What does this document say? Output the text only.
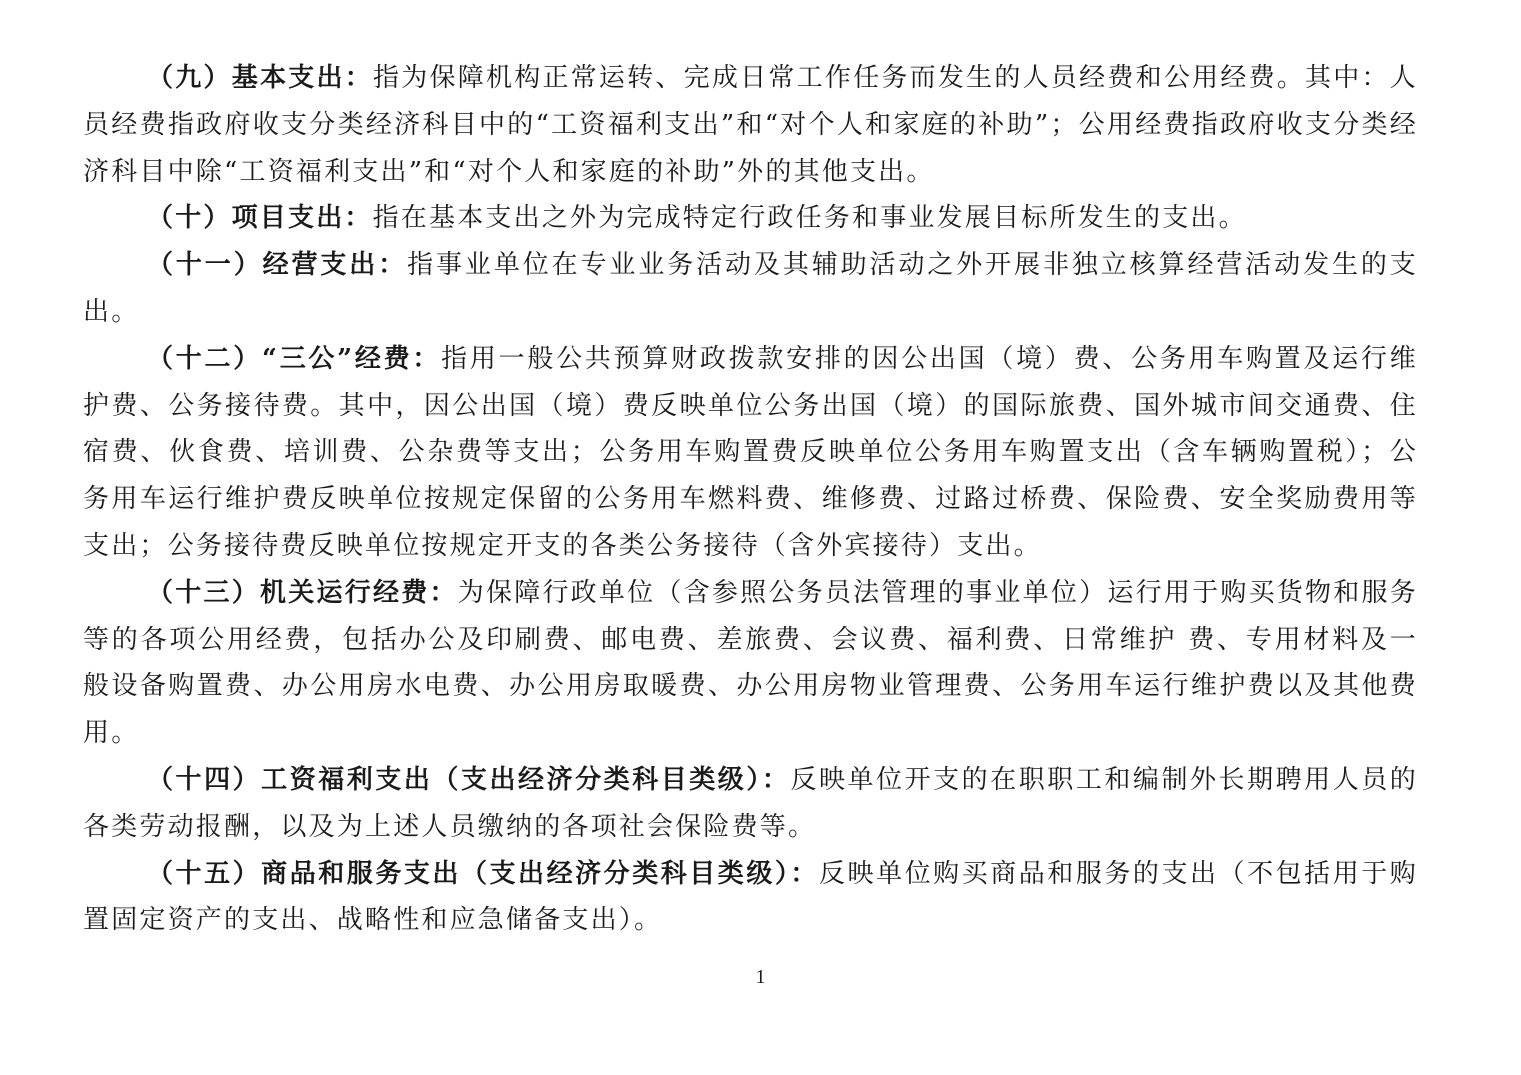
（九）基本支出：指为保障机构正常运转、完成日常工作任务而发生的人员经费和公用经费。其中：人员经费指政府收支分类经济科目中的“工资福利支出”和“对个人和家庭的补助”；公用经费指政府收支分类经济科目中除“工资福利支出”和“对个人和家庭的补助”外的其他支出。

（十）项目支出：指在基本支出之外为完成特定行政任务和事业发展目标所发生的支出。

（十一）经营支出：指事业单位在专业业务活动及其辅助活动之外开展非独立核算经营活动发生的支出。

（十二）“三公”经费：指用一般公共预算财政拨款安排的因公出国（境）费、公务用车购置及运行维护费、公务接待费。其中，因公出国（境）费反映单位公务出国（境）的国际旅费、国外城市间交通费、住宿费、伙食费、培训费、公杂费等支出；公务用车购置费反映单位公务用车购置支出（含车辆购置税）；公务用车运行维护费反映单位按规定保留的公务用车燃料费、维修费、过路过桥费、保险费、安全奖励费用等支出；公务接待费反映单位按规定开支的各类公务接待（含外宾接待）支出。

（十三）机关运行经费：为保障行政单位（含参照公务员法管理的事业单位）运行用于购买货物和服务等的各项公用经费，包括办公及印刷费、邮电费、差旅费、会议费、福利费、日常维护 费、专用材料及一般设备购置费、办公用房水电费、办公用房取暖费、办公用房物业管理费、公务用车运行维护费以及其他费用。

（十四）工资福利支出（支出经济分类科目类级）：反映单位开支的在职职工和编制外长期聘用人员的各类劳动报酬，以及为上述人员缴纳的各项社会保险费等。

（十五）商品和服务支出（支出经济分类科目类级）：反映单位购买商品和服务的支出（不包括用于购置固定资产的支出、战略性和应急储备支出）。

1
